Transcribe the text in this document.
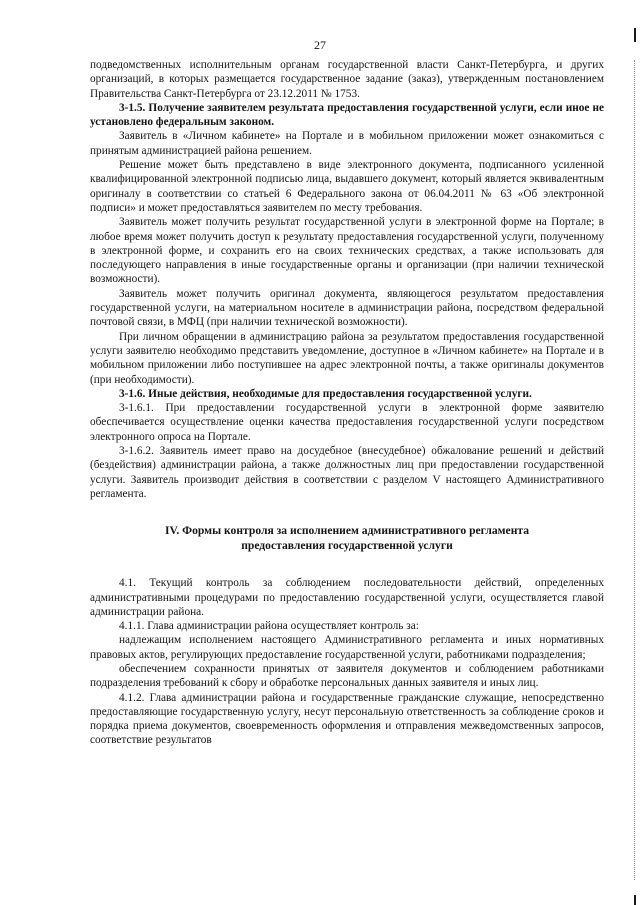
27

подведомственных исполнительным органам государственной власти Санкт-Петербурга, и других организаций, в которых размещается государственное задание (заказ), утвержденным постановлением Правительства Санкт-Петербурга от 23.12.2011 № 1753.

3-1.5. Получение заявителем результата предоставления государственной услуги, если иное не установлено федеральным законом.

Заявитель в «Личном кабинете» на Портале и в мобильном приложении может ознакомиться с принятым администрацией района решением.

Решение может быть представлено в виде электронного документа, подписанного усиленной квалифицированной электронной подписью лица, выдавшего документ, который является эквивалентным оригиналу в соответствии со статьей 6 Федерального закона от 06.04.2011 № 63 «Об электронной подписи» и может предоставляться заявителем по месту требования.

Заявитель может получить результат государственной услуги в электронной форме на Портале; в любое время может получить доступ к результату предоставления государственной услуги, полученному в электронной форме, и сохранить его на своих технических средствах, а также использовать для последующего направления в иные государственные органы и организации (при наличии технической возможности).

Заявитель может получить оригинал документа, являющегося результатом предоставления государственной услуги, на материальном носителе в администрации района, посредством федеральной почтовой связи, в МФЦ (при наличии технической возможности).

При личном обращении в администрацию района за результатом предоставления государственной услуги заявителю необходимо представить уведомление, доступное в «Личном кабинете» на Портале и в мобильном приложении либо поступившее на адрес электронной почты, а также оригиналы документов (при необходимости).

3-1.6. Иные действия, необходимые для предоставления государственной услуги.

3-1.6.1. При предоставлении государственной услуги в электронной форме заявителю обеспечивается осуществление оценки качества предоставления государственной услуги посредством электронного опроса на Портале.

3-1.6.2. Заявитель имеет право на досудебное (внесудебное) обжалование решений и действий (бездействия) администрации района, а также должностных лиц при предоставлении государственной услуги. Заявитель производит действия в соответствии с разделом V настоящего Административного регламента.

IV. Формы контроля за исполнением административного регламента
предоставления государственной услуги

4.1. Текущий контроль за соблюдением последовательности действий, определенных административными процедурами по предоставлению государственной услуги, осуществляется главой администрации района.

4.1.1. Глава администрации района осуществляет контроль за:

надлежащим исполнением настоящего Административного регламента и иных нормативных правовых актов, регулирующих предоставление государственной услуги, работниками подразделения;

обеспечением сохранности принятых от заявителя документов и соблюдением работниками подразделения требований к сбору и обработке персональных данных заявителя и иных лиц.

4.1.2. Глава администрации района и государственные гражданские служащие, непосредственно предоставляющие государственную услугу, несут персональную ответственность за соблюдение сроков и порядка приема документов, своевременность оформления и отправления межведомственных запросов, соответствие результатов
